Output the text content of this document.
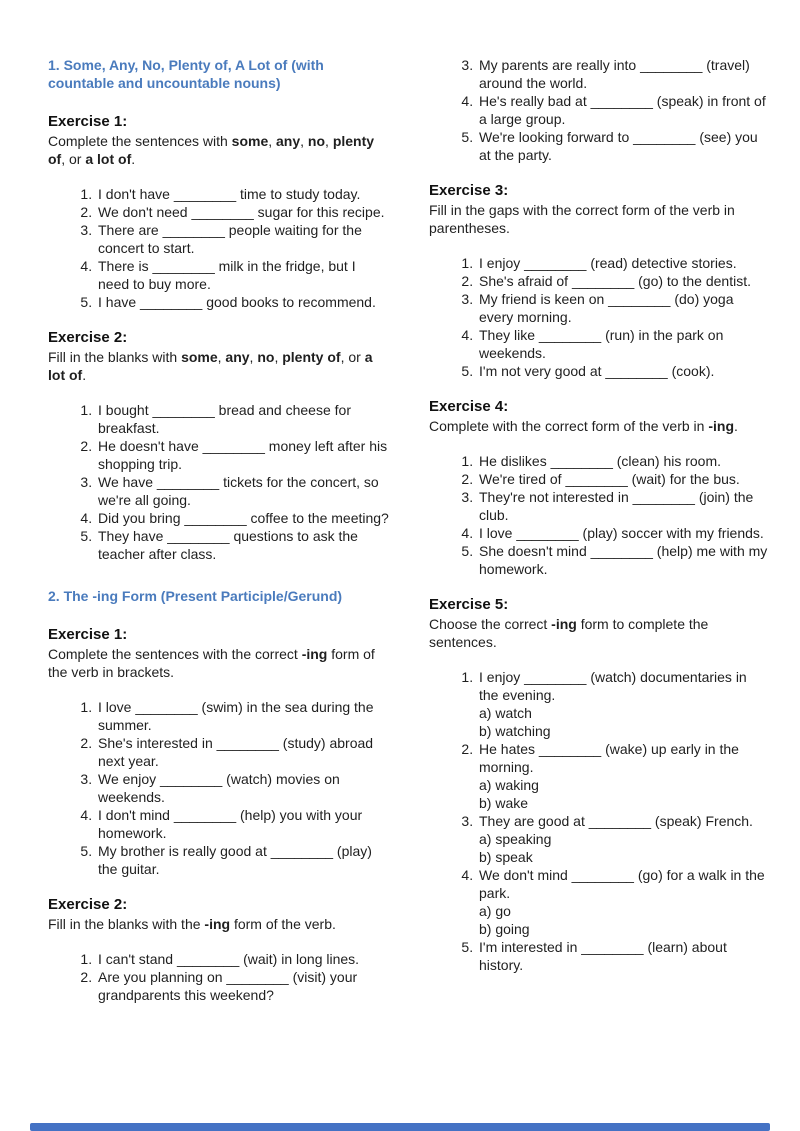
1. Some, Any, No, Plenty of, A Lot of (with countable and uncountable nouns)
Exercise 1:

Complete the sentences with some, any, no, plenty of, or a lot of.

1. I don't have ________ time to study today.
2. We don't need ________ sugar for this recipe.
3. There are ________ people waiting for the concert to start.
4. There is ________ milk in the fridge, but I need to buy more.
5. I have ________ good books to recommend.
Exercise 2:

Fill in the blanks with some, any, no, plenty of, or a lot of.

1. I bought ________ bread and cheese for breakfast.
2. He doesn't have ________ money left after his shopping trip.
3. We have ________ tickets for the concert, so we're all going.
4. Did you bring ________ coffee to the meeting?
5. They have ________ questions to ask the teacher after class.
2. The -ing Form (Present Participle/Gerund)
Exercise 1:

Complete the sentences with the correct -ing form of the verb in brackets.

1. I love ________ (swim) in the sea during the summer.
2. She's interested in ________ (study) abroad next year.
3. We enjoy ________ (watch) movies on weekends.
4. I don't mind ________ (help) you with your homework.
5. My brother is really good at ________ (play) the guitar.
Exercise 2:

Fill in the blanks with the -ing form of the verb.

1. I can't stand ________ (wait) in long lines.
2. Are you planning on ________ (visit) your grandparents this weekend?
3. My parents are really into ________ (travel) around the world.
4. He's really bad at ________ (speak) in front of a large group.
5. We're looking forward to ________ (see) you at the party.
Exercise 3:

Fill in the gaps with the correct form of the verb in parentheses.

1. I enjoy ________ (read) detective stories.
2. She's afraid of ________ (go) to the dentist.
3. My friend is keen on ________ (do) yoga every morning.
4. They like ________ (run) in the park on weekends.
5. I'm not very good at ________ (cook).
Exercise 4:

Complete with the correct form of the verb in -ing.

1. He dislikes ________ (clean) his room.
2. We're tired of ________ (wait) for the bus.
3. They're not interested in ________ (join) the club.
4. I love ________ (play) soccer with my friends.
5. She doesn't mind ________ (help) me with my homework.
Exercise 5:

Choose the correct -ing form to complete the sentences.

1. I enjoy ________ (watch) documentaries in the evening.
a) watch
b) watching
2. He hates ________ (wake) up early in the morning.
a) waking
b) wake
3. They are good at ________ (speak) French.
a) speaking
b) speak
4. We don't mind ________ (go) for a walk in the park.
a) go
b) going
5. I'm interested in ________ (learn) about history.
